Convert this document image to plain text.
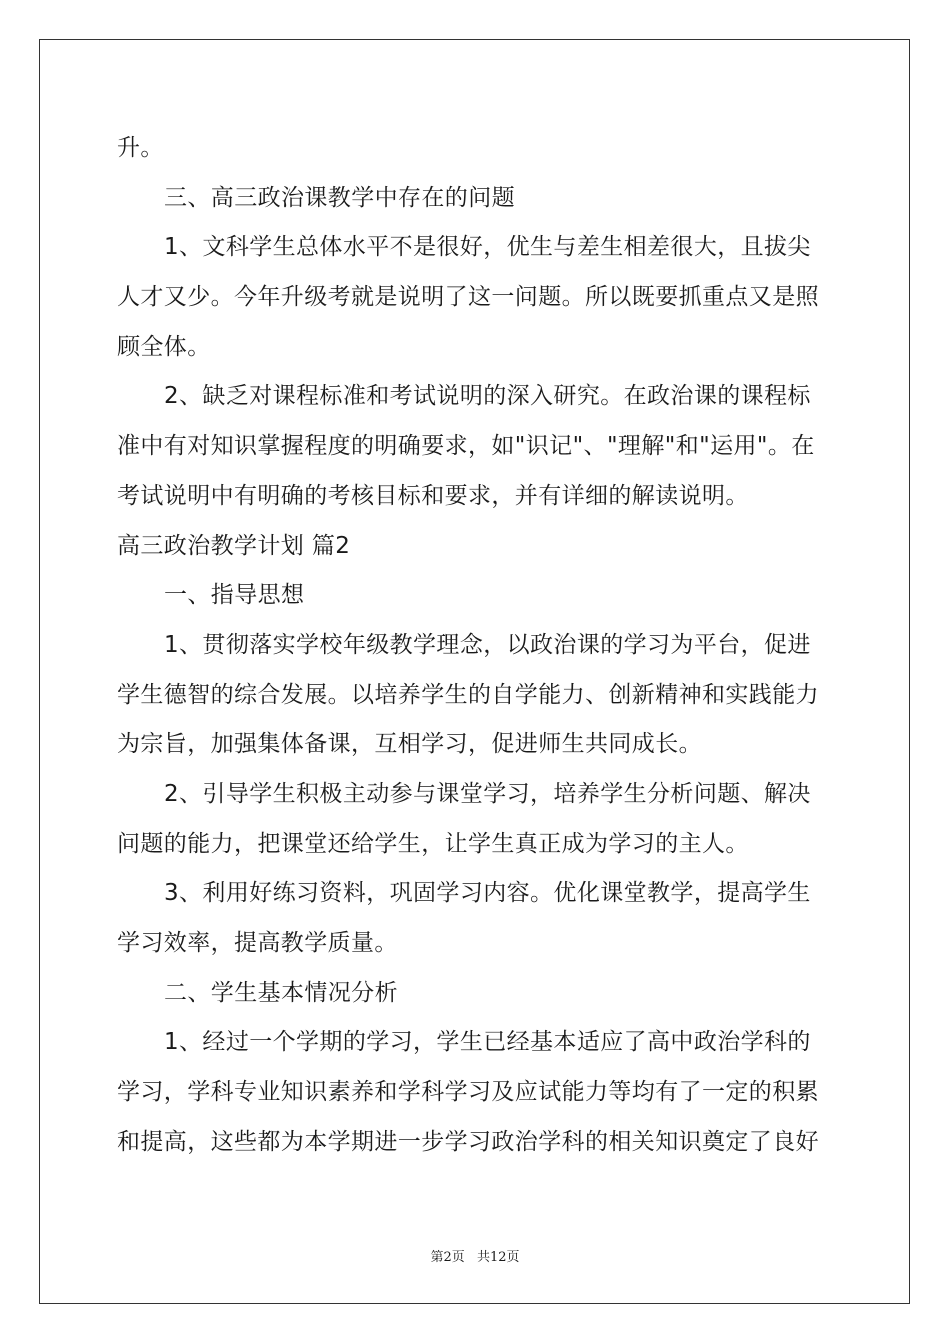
升。
三、高三政治课教学中存在的问题
1、文科学生总体水平不是很好，优生与差生相差很大，且拔尖
人才又少。今年升级考就是说明了这一问题。所以既要抓重点又是照
顾全体。
2、缺乏对课程标准和考试说明的深入研究。在政治课的课程标
准中有对知识掌握程度的明确要求，如"识记"、"理解"和"运用"。在
考试说明中有明确的考核目标和要求，并有详细的解读说明。
高三政治教学计划 篇2
一、指导思想
1、贯彻落实学校年级教学理念，以政治课的学习为平台，促进
学生德智的综合发展。以培养学生的自学能力、创新精神和实践能力
为宗旨，加强集体备课，互相学习，促进师生共同成长。
2、引导学生积极主动参与课堂学习，培养学生分析问题、解决
问题的能力，把课堂还给学生，让学生真正成为学习的主人。
3、利用好练习资料，巩固学习内容。优化课堂教学，提高学生
学习效率，提高教学质量。
二、学生基本情况分析
1、经过一个学期的学习，学生已经基本适应了高中政治学科的
学习，学科专业知识素养和学科学习及应试能力等均有了一定的积累
和提高，这些都为本学期进一步学习政治学科的相关知识奠定了良好
第2页 共12页
